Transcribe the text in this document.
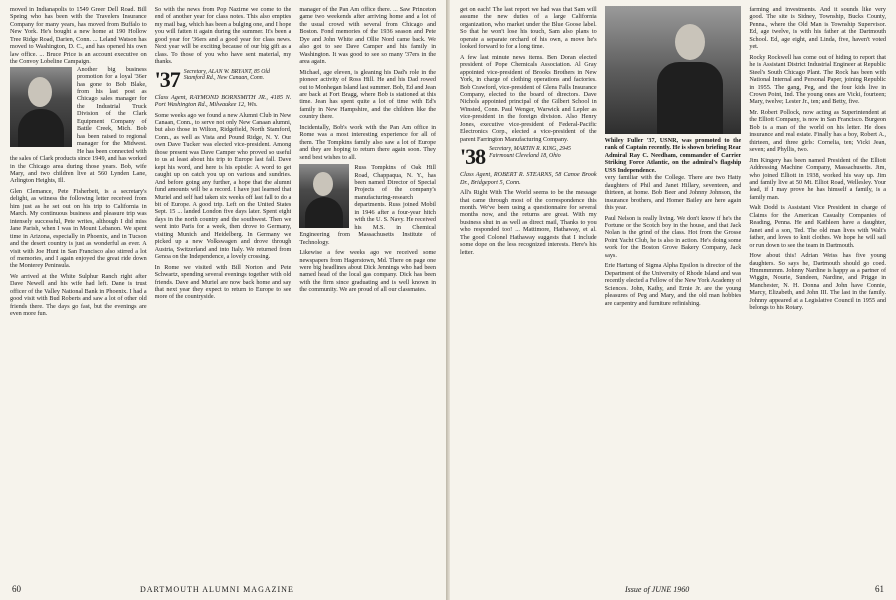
moved in Indianapolis to 1549 Greer Dell Road. Bill Speing who has been with the Travelers Insurance Company for many years, has moved from Buffalo to New York. He's bought a new home at 190 Hollow Tree Ridge Road, Darien, Conn. ... Leland Watson has moved to Washington, D. C., and has opened his own law office. ... Bruce Price is an account executive on the Convoy Lobeline Campaign.

Another big business promotion for a loyal '36er has gone to Bob Blake, from his last post as Chicago sales manager for the Industrial Truck Division of the Clark Equipment Company of Battle Creek, Mich. Bob has been raised to regional manager for the Midwest. He has been connected with the sales of Clark products since 1949, and has worked in the Chicago area during those years. Bob, wife Mary, and two children live at 560 Lynden Lane, Arlington Heights, Ill.

Glen Clemance, Pete Fisherbeit, is a secretary's delight, as witness the following letter received from him just as he set out on his trip to California in March. My continuous business and pleasure trip was intensely successful, Pete writes, although I did miss Jane Parish, when I was in Mount Lebanon. We spent time in Arizona, especially in Phoenix, and in Tucson and the desert country is just as wonderful as ever. A visit with Joe Hunt in San Francisco also stirred a lot of memories, and I again enjoyed the great ride down the Monterey Peninsula.

We arrived at the White Sulphur Ranch right after Dave Newell and his wife had left. Dane is trust officer of the Valley National Bank in Phoenix. I had a good visit with Bud Roberts and saw a lot of other old friends there. The days go fast, but the evenings are even more fun.

So with the news from Pop Nazirne we come to the end of another year for class notes. This also empties my mail bag, which has been a bulging one, and I hope you will fatten it again during the summer. It's been a good year for '36ers and a good year for class news. Next year will be exciting because of our big gift as a class. To those of you who have sent material, my thanks.

'37 Secretary, ALAN W. BRYANT, 85 Old Stamford Rd., New Canaan, Conn.

Class Agent, RAYMOND BORNSMITH JR., 4185 N. Port Washington Rd., Milwaukee 12, Wis.

Some weeks ago we found a new Alumni Club in New Canaan, Conn., to serve not only New Canaan alumni, but also those in Wilton, Ridgefield, North Stamford, Conn., as well as Vista and Pound Ridge, N. Y. Our own Dave Tucker was elected vice-president. Among those present was Dave Camper who proved so useful to us at least about his trip to Europe last fall. Dave kept his word, and here is his epistle: A word to get caught up on catch you up on various and sundries. And before going any further, a hope that the alumni fund amounts will be a record. I have just learned that Muriel and self had taken six weeks off last fall to do a bit of Europe. A good trip. Left on the United States Sept. 15 ... landed London five days later. Spent eight days in the north country and the southwest. Then we went into Paris for a week, then drove to Germany, visiting Munich and Heidelberg. In Germany we picked up a new Volkswagen and drove through Austria, Switzerland and into Italy. We returned from Genoa on the Independence, a lovely crossing.

In Rome we visited with Bill Norton and Pete Schwartz, spending several evenings together with old friends. Dave and Muriel are now back home and say that next year they expect to return to Europe to see more of the countryside.

manager of the Pan Am office there. ... Saw Princeton game two weekends after arriving home and a lot of the usual crowd with several from Chicago and Boston. Fond memories of the 1936 season and Pete Dye and John White and Ollie Nord came back. We also got to see Dave Camper and his family in Washington. It was good to see so many '37ers in the area again.

Michael, age eleven, is gleaning his Dad's role in the pioneer activity of Ross Hill. He and his Dad rowed out to Monhegan Island last summer. Bob, Ed and Jean are back at Fort Bragg, where Bob is stationed at this time. Jean has spent quite a lot of time with Ed's family in New Hampshire, and the children like the country there.

Incidentally, Bob's work with the Pan Am office in Rome was a most interesting experience for all of them. The Tompkins family also saw a lot of Europe and they are hoping to return there again soon. They send best wishes to all.

Russ Tompkins of Oak Hill Road, Chappaqua, N. Y., has been named Director of Special Projects of the company's manufacturing-research departments. Russ joined Mobil in 1946 after a four-year hitch with the U. S. Navy. He received his M.S. in Chemical Engineering from Massachusetts Institute of Technology.

Likewise a few weeks ago we received some newspapers from Hagerstown, Md. There on page one were big headlines about Dick Jennings who had been named head of the local gas company. Dick has been with the firm since graduating and is well known in the community. We are proud of all our classmates.

60	DARTMOUTH ALUMNI MAGAZINE

get on each! The last report we had was that Sam will assume the new duties of a large California organization, who market under the Blue Goose label. So that he won't lose his touch, Sam also plans to operate a separate orchard of his own, a move he's looked forward to for a long time.

A few last minute news items. Ben Doran elected president of Pope Chemicals Association. Al Gray appointed vice-president of Brooks Brothers in New York, in charge of clothing operations and factories. Bob Crawford, vice-president of Glens Falls Insurance Company, elected to the board of directors. Dave Nichols appointed principal of the Gilbert School in Winsted, Conn. Paul Wenger, Warwick and Lepler as vice-president in the foreign division. Also Henry Jones, executive vice-president of Federal-Pacific Electronics Corp., elected a vice-president of the parent Farrington Manufacturing Company.

'38 Secretary, MARTIN R. KING, 2945 Fairmount Cleveland 18, Ohio

Class Agent, ROBERT R. STEARNS, 58 Canoe Brook Dr., Bridgeport 5, Conn.

All's Right With The World seems to be the message that came through most of the correspondence this month. We've been using a questionnaire for several months now, and the returns are great. With my business shut in as well as direct mail, Thanks to you who responded too! ... Mattimore, Hathaway, et al. The good Colonel Hathaway suggests that I include some dope on the less recognized interests. Here's his letter.

Whiley Fuller '37, USNR, was promoted to the rank of Captain recently. He is shown briefing Rear Admiral Ray C. Needham, commander of Carrier Striking Force Atlantic, on the admiral's flagship USS Independence.

very familiar with the College. There are two Hatty daughters of Phil and Janet Hillary, seventeen, and thirteen, at home. Bob Beer and Johnny Johnson, the insurance brothers, and Homer Bailey are here again this year.

Paul Nelson is really living. We don't know if he's the Fortune or the Scotch boy in the house, and that Jack Nolan is the grind of the class. Hot from the Grosse Point Yacht Club, he is also in action. He's doing some work for the Boston Grove Bakery Company, Jack says.

Erie Hartung of Sigma Alpha Epsilon is director of the Department of the University of Rhode Island and was recently elected a Fellow of the New York Academy of Sciences. John, Kathy, and Ernie Jr. are the young pleasures of Peg and Mary, and the old man hobbies are carpentry and furniture refinishing.

farming and investments. And it sounds like very good. The site is Sidney, Township, Bucks County, Penna., where the Old Man is Township Supervisor. Ed, age twelve, is with his father at the Dartmouth School. Ed, age eight, and Linda, five, haven't voted yet.

Rocky Rockwell has come out of hiding to report that he is Assistant District Industrial Engineer at Republic Steel's South Chicago Plant. The Rock has been with National Internal and Personal Paper, joining Republic in 1955. The gang, Peg, and the four kids live in Crown Point, Ind. The young ones are Vicki, fourteen; Mary, twelve; Lester Jr., ten; and Betty, five.

Mr. Robert Pollock, now acting as Superintendent at the Elliott Company, is now in San Francisco. Burgeon Bob is a man of the world on his letter. He does insurance and real estate. Finally has a boy, Robert A., thirteen, and three girls: Cornelia, ten; Vicki Jean, seven; and Phyllis, two.

Jim Kingery has been named President of the Elliott Addressing Machine Company, Massachusetts. Jim, who joined Elliott in 1938, worked his way up. Jim and family live at 50 Mt. Elliot Road, Wellesley. Your lead, if I may prove he has himself a family, is a family man.

Walt Dodd is Assistant Vice President in charge of Claims for the American Casualty Companies of Reading, Penna. He and Kathleen have a daughter, Janet and a son, Ted. The old man lives with Walt's father, and loves to knit clothes. We hope he will sail or run down to see the team in Dartmouth.

How about this! Adrian Weiss has five young daughters. So says he, Dartmouth should go coed. Hmmmmmm. Johnny Nardine is happy as a partner of Wiggin, Nourie, Sundeen, Nardine, and Prigge in Manchester, N. H. Donna and John have Connie, Marcy, Elizabeth, and John III. The last in the family. Johnny appeared at a Legislative Council in 1955 and belongs to his Rotary.

Issue of JUNE 1960	61
